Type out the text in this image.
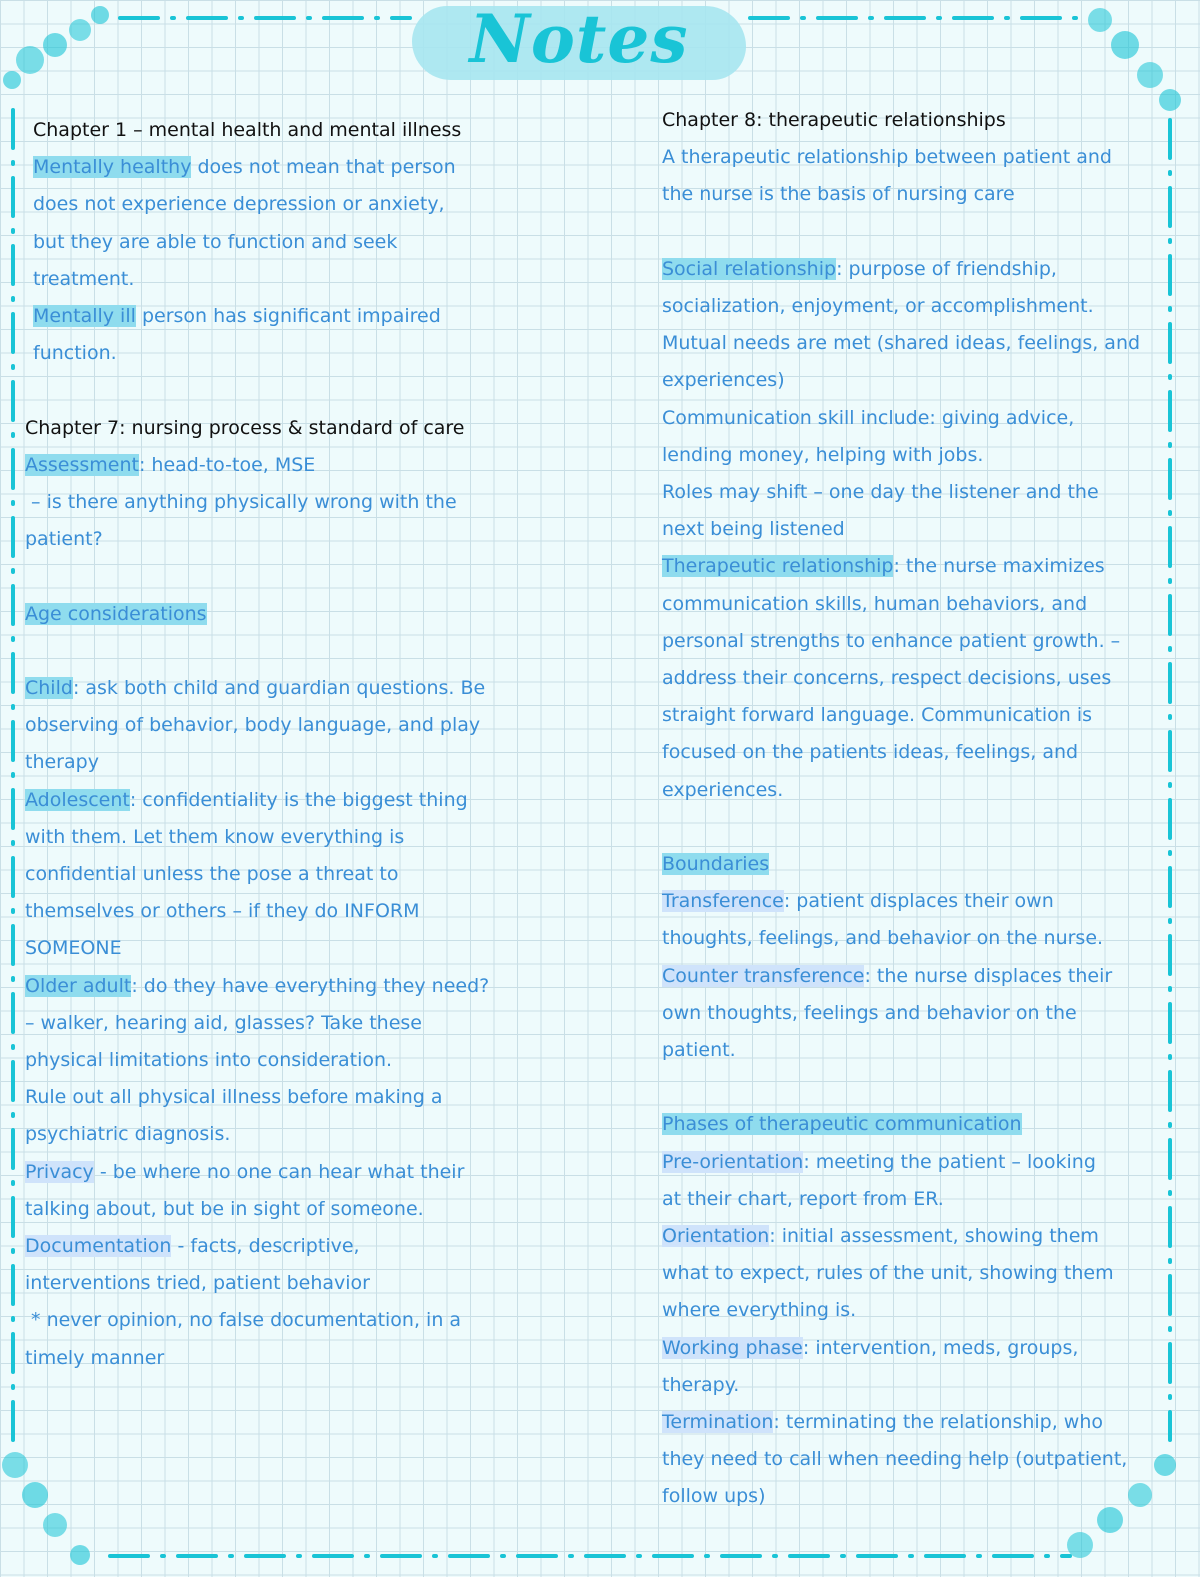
Notes

Chapter 1 – mental health and mental illness

Mentally healthy does not mean that person

does not experience depression or anxiety,

but they are able to function and seek

treatment.

Mentally ill person has significant impaired

function.

Chapter 7: nursing process & standard of care

Assessment: head-to-toe, MSE

– is there anything physically wrong with the

patient?

Age considerations

Child: ask both child and guardian questions. Be

observing of behavior, body language, and play

therapy

Adolescent: confidentiality is the biggest thing

with them. Let them know everything is

confidential unless the pose a threat to

themselves or others – if they do INFORM

SOMEONE

Older adult: do they have everything they need?

– walker, hearing aid, glasses? Take these

physical limitations into consideration.

Rule out all physical illness before making a

psychiatric diagnosis.

Privacy - be where no one can hear what their

talking about, but be in sight of someone.

Documentation - facts, descriptive,

interventions tried, patient behavior

* never opinion, no false documentation, in a

timely manner

Chapter 8: therapeutic relationships

A therapeutic relationship between patient and

the nurse is the basis of nursing care

Social relationship: purpose of friendship,

socialization, enjoyment, or accomplishment.

Mutual needs are met (shared ideas, feelings, and

experiences)

Communication skill include: giving advice,

lending money, helping with jobs.

Roles may shift – one day the listener and the

next being listened

Therapeutic relationship: the nurse maximizes

communication skills, human behaviors, and

personal strengths to enhance patient growth. –

address their concerns, respect decisions, uses

straight forward language. Communication is

focused on the patients ideas, feelings, and

experiences.

Boundaries

Transference: patient displaces their own

thoughts, feelings, and behavior on the nurse.

Counter transference: the nurse displaces their

own thoughts, feelings and behavior on the

patient.

Phases of therapeutic communication

Pre-orientation: meeting the patient – looking

at their chart, report from ER.

Orientation: initial assessment, showing them

what to expect, rules of the unit, showing them

where everything is.

Working phase: intervention, meds, groups,

therapy.

Termination: terminating the relationship, who

they need to call when needing help (outpatient,

follow ups)
